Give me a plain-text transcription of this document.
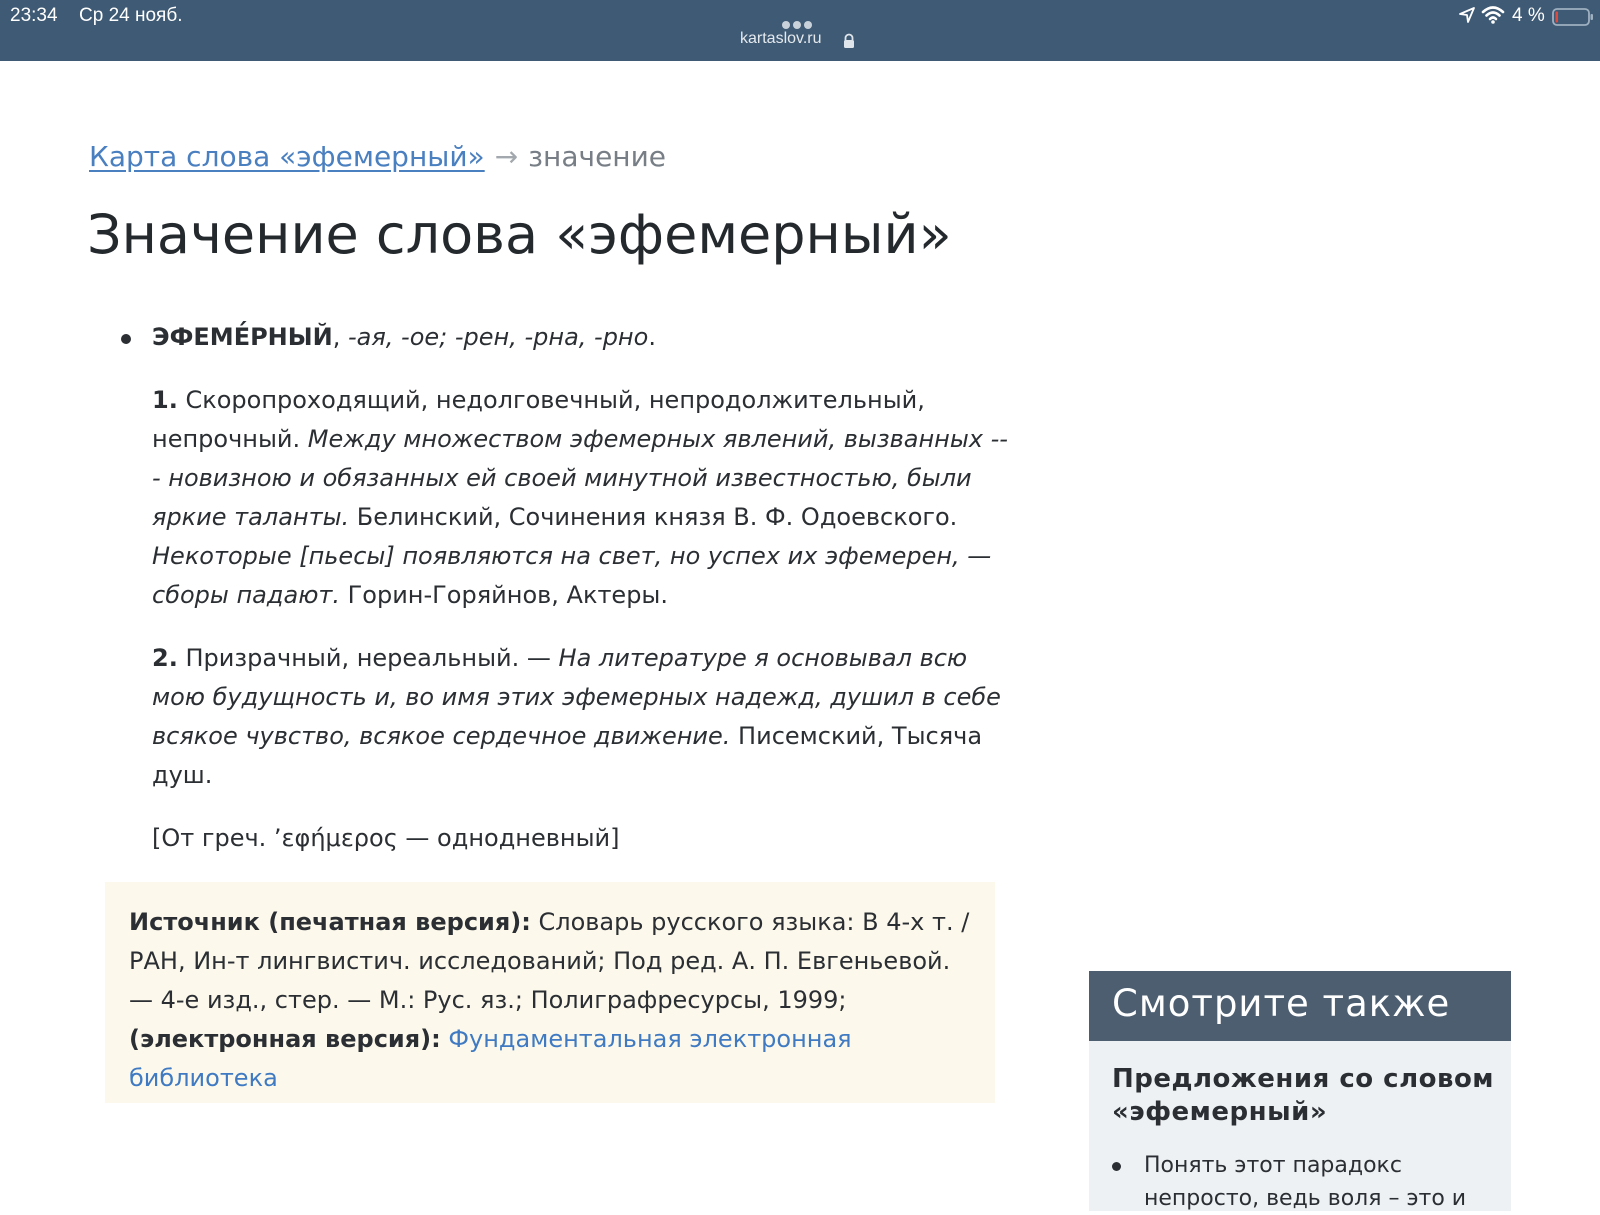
23:34 Ср 24 нояб.
kartaslov.ru
4 %
Карта слова «эфемерный» → значение
Значение слова «эфемерный»

ЭФЕМЕ́РНЫЙ, -ая, -ое; -рен, -рна, -рно.

1. Скоропроходящий, недолговечный, непродолжительный, непрочный. Между множеством эфемерных явлений, вызванных --- новизною и обязанных ей своей минутной известностью, были яркие таланты. Белинский, Сочинения князя В. Ф. Одоевского. Некоторые [пьесы] появляются на свет, но успех их эфемерен, — сборы падают. Горин-Горяйнов, Актеры.

2. Призрачный, нереальный. — На литературе я основывал всю мою будущность и, во имя этих эфемерных надежд, душил в себе всякое чувство, всякое сердечное движение. Писемский, Тысяча душ.

[От греч. ’εφήμερος — однодневный]

Источник (печатная версия): Словарь русского языка: В 4-х т. / РАН, Ин-т лингвистич. исследований; Под ред. А. П. Евгеньевой. — 4-е изд., стер. — М.: Рус. яз.; Полиграфресурсы, 1999; (электронная версия): Фундаментальная электронная библиотека
Смотрите также
Предложения со словом «эфемерный»
Понять этот парадокс непросто, ведь воля – это и
